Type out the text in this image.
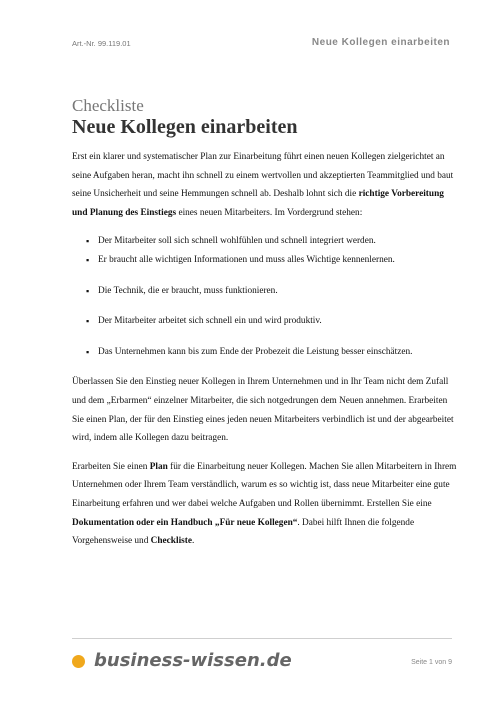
Art.-Nr. 99.119.01	Neue Kollegen einarbeiten
Checkliste
Neue Kollegen einarbeiten

Erst ein klarer und systematischer Plan zur Einarbeitung führt einen neuen Kollegen zielgerichtet an seine Aufgaben heran, macht ihn schnell zu einem wertvollen und akzeptierten Teammitglied und baut seine Unsicherheit und seine Hemmungen schnell ab. Deshalb lohnt sich die richtige Vorbereitung und Planung des Einstiegs eines neuen Mitarbeiters. Im Vordergrund stehen:

▪ Der Mitarbeiter soll sich schnell wohlfühlen und schnell integriert werden.
▪ Er braucht alle wichtigen Informationen und muss alles Wichtige kennenlernen.
▪ Die Technik, die er braucht, muss funktionieren.
▪ Der Mitarbeiter arbeitet sich schnell ein und wird produktiv.
▪ Das Unternehmen kann bis zum Ende der Probezeit die Leistung besser einschätzen.

Überlassen Sie den Einstieg neuer Kollegen in Ihrem Unternehmen und in Ihr Team nicht dem Zufall und dem „Erbarmen“ einzelner Mitarbeiter, die sich notgedrungen dem Neuen annehmen. Erarbeiten Sie einen Plan, der für den Einstieg eines jeden neuen Mitarbeiters verbindlich ist und der abgearbeitet wird, indem alle Kollegen dazu beitragen.

Erarbeiten Sie einen Plan für die Einarbeitung neuer Kollegen. Machen Sie allen Mitarbeitern in Ihrem Unternehmen oder Ihrem Team verständlich, warum es so wichtig ist, dass neue Mitarbeiter eine gute Einarbeitung erfahren und wer dabei welche Aufgaben und Rollen übernimmt. Erstellen Sie eine Dokumentation oder ein Handbuch „Für neue Kollegen“. Dabei hilft Ihnen die folgende Vorgehensweise und Checkliste.

business-wissen.de	Seite 1 von 9
